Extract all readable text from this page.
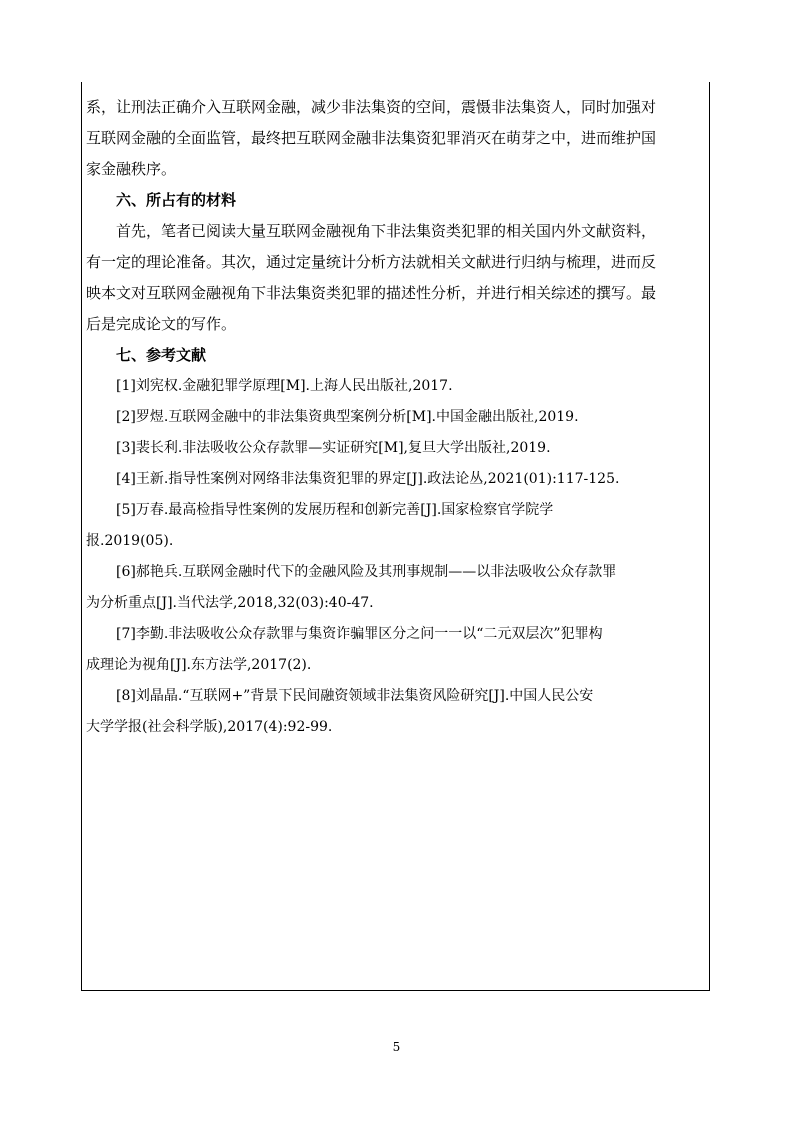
系，让刑法正确介入互联网金融，减少非法集资的空间，震慑非法集资人，同时加强对

互联网金融的全面监管，最终把互联网金融非法集资犯罪消灭在萌芽之中，进而维护国

家金融秩序。

六、所占有的材料

首先，笔者已阅读大量互联网金融视角下非法集资类犯罪的相关国内外文献资料，

有一定的理论准备。其次，通过定量统计分析方法就相关文献进行归纳与梳理，进而反

映本文对互联网金融视角下非法集资类犯罪的描述性分析，并进行相关综述的撰写。最

后是完成论文的写作。

七、参考文献

[1]刘宪权.金融犯罪学原理[M].上海人民出版社,2017.

[2]罗煜.互联网金融中的非法集资典型案例分析[M].中国金融出版社,2019.

[3]裴长利.非法吸收公众存款罪—实证研究[M],复旦大学出版社,2019.

[4]王新.指导性案例对网络非法集资犯罪的界定[J].政法论丛,2021(01):117-125.

[5]万春.最高检指导性案例的发展历程和创新完善[J].国家检察官学院学

报.2019(05).

[6]郝艳兵.互联网金融时代下的金融风险及其刑事规制——以非法吸收公众存款罪

为分析重点[J].当代法学,2018,32(03):40-47.

[7]李勤.非法吸收公众存款罪与集资诈骗罪区分之问一一以“二元双层次”犯罪构

成理论为视角[J].东方法学,2017(2).

[8]刘晶晶.“互联网+”背景下民间融资领域非法集资风险研究[J].中国人民公安

大学学报(社会科学版),2017(4):92-99.

5
